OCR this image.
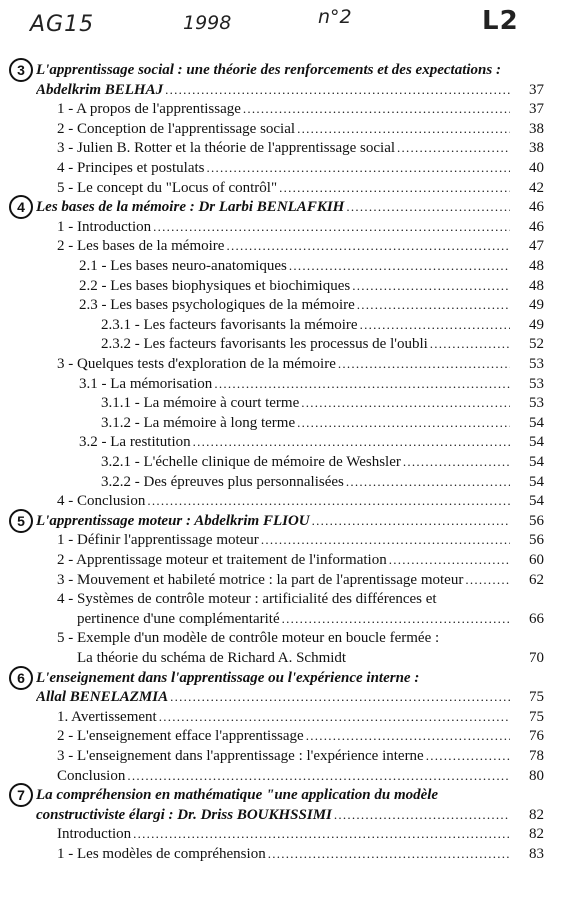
AG15	1998	n°2	L2
3 L'apprentissage social : une théorie des renforcements et des expectations :
Abdelkrim BELHAJ . . .	37
1 - A propos de l'apprentissage . . .	37
2 - Conception de l'apprentissage social . . .	38
3 - Julien B. Rotter et la théorie de l'apprentissage social . . .	38
4 - Principes et postulats . . .	40
5 - Le concept du "Locus of contrôl" . . .	42
4 Les bases de la mémoire : Dr Larbi BENLAFKIH . . .	46
1 - Introduction . . .	46
2 - Les bases de la mémoire . . .	47
2.1 - Les bases neuro-anatomiques . . .	48
2.2 - Les bases biophysiques et biochimiques . . .	48
2.3 - Les bases psychologiques de la mémoire . . .	49
2.3.1 - Les facteurs favorisants la mémoire . . .	49
2.3.2 - Les facteurs favorisants les processus de l'oubli . . .	52
3 - Quelques tests d'exploration de la mémoire . . .	53
3.1 - La mémorisation . . .	53
3.1.1 - La mémoire à court terme . . .	53
3.1.2 - La mémoire à long terme . . .	54
3.2 - La restitution . . .	54
3.2.1 - L'échelle clinique de mémoire de Weshsler . . .	54
3.2.2 - Des épreuves plus personnalisées . . .	54
4 - Conclusion . . .	54
5 L'apprentissage moteur : Abdelkrim FLIOU . . .	56
1 - Définir l'apprentissage moteur . . .	56
2 - Apprentissage moteur et traitement de l'information . . .	60
3 - Mouvement et habileté motrice : la part de l'aprentissage moteur . . .	62
4 - Systèmes de contrôle moteur : artificialité des différences et
pertinence d'une complémentarité . . .	66
5 - Exemple d'un modèle de contrôle moteur en boucle fermée :
La théorie du schéma de Richard A. Schmidt	70
6 L'enseignement dans l'apprentissage ou l'expérience interne :
Allal BENELAZMIA . . .	75
1. Avertissement . . .	75
2 - L'enseignement efface l'apprentissage . . .	76
3 - L'enseignement dans l'apprentissage : l'expérience interne . . .	78
Conclusion . . .	80
7 La compréhension en mathématique "une application du modèle
constructiviste élargi : Dr. Driss BOUKHSSIMI . . .	82
Introduction . . .	82
1 - Les modèles de compréhension . . .	83
